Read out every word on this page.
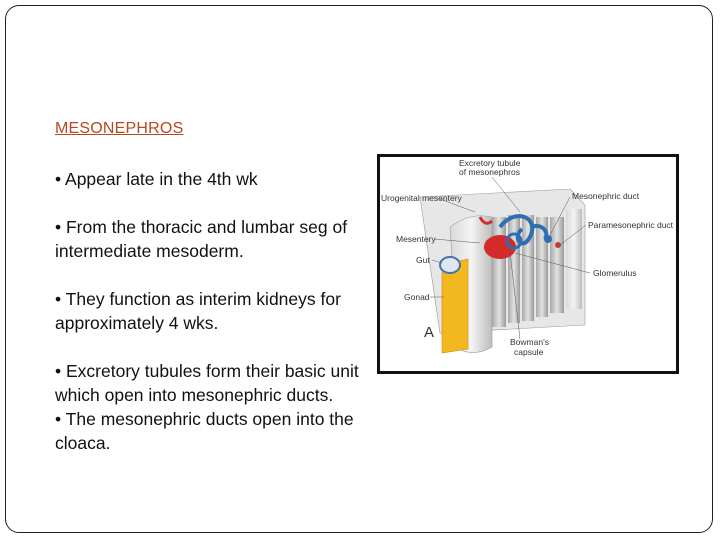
MESONEPHROS

• Appear late in the 4th wk

• From the thoracic and lumbar seg of intermediate mesoderm.

• They function as interim kidneys for approximately 4 wks.

• Excretory tubules form their basic unit which open into mesonephric ducts.

• The mesonephric ducts open into the cloaca.

Excretory tubule
of mesonephros
Urogenital mesentery	Mesonephric duct
Paramesonephric duct
Mesentery
Gut
Glomerulus
Gonad
Bowman's
capsule
A
